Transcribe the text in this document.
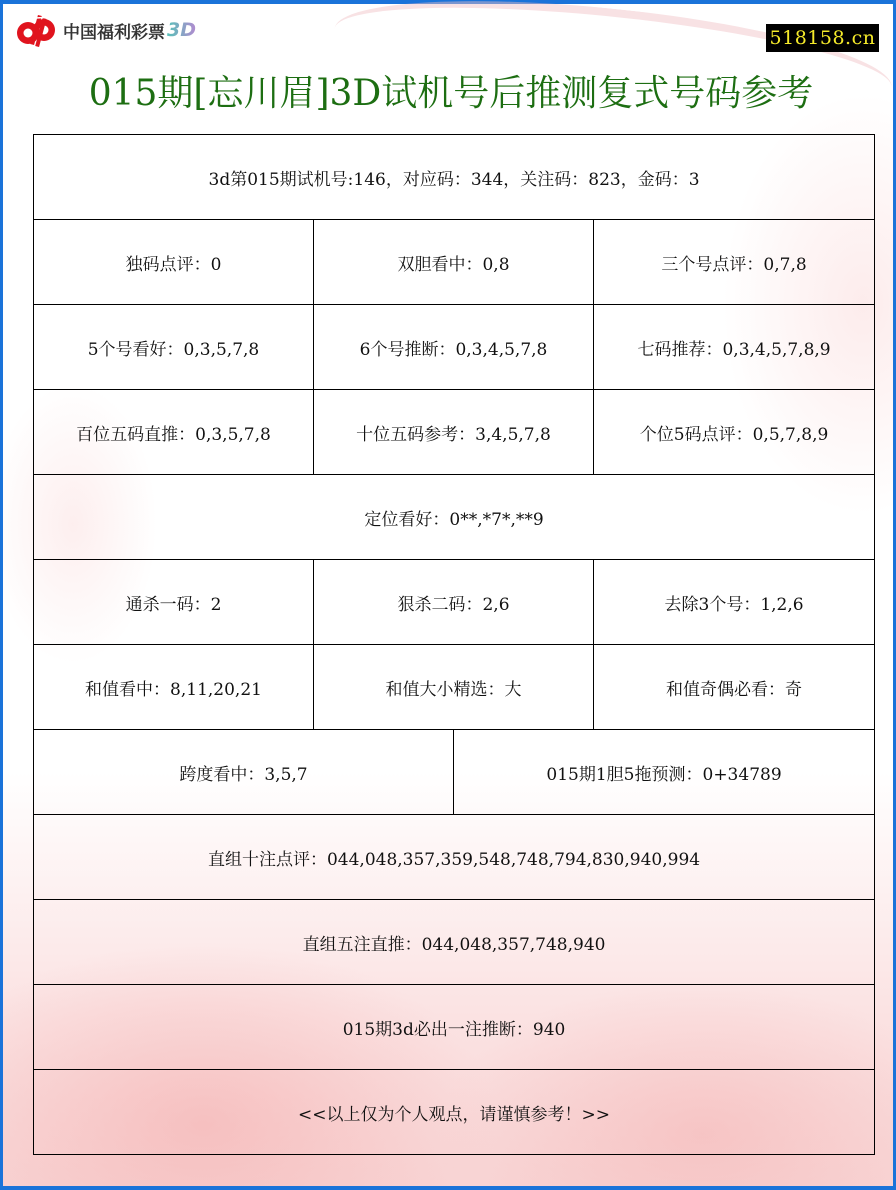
中国福利彩票 3D	518158.cn
015期[忘川眉]3D试机号后推测复式号码参考
3d第015期试机号:146，对应码：344，关注码：823，金码：3			
独码点评：0	双胆看中：0,8		三个号点评：0,7,8
5个号看好：0,3,5,7,8	6个号推断：0,3,4,5,7,8		七码推荐：0,3,4,5,7,8,9
百位五码直推：0,3,5,7,8	十位五码参考：3,4,5,7,8		个位5码点评：0,5,7,8,9
定位看好：0**,*7*,**9			
通杀一码：2	狠杀二码：2,6		去除3个号：1,2,6
和值看中：8,11,20,21	和值大小精选：大		和值奇偶必看：奇
跨度看中：3,5,7		015期1胆5拖预测：0+34789	
直组十注点评：044,048,357,359,548,748,794,830,940,994			
直组五注直推：044,048,357,748,940			
015期3d必出一注推断：940			
<<以上仅为个人观点，请谨慎参考！>>			
